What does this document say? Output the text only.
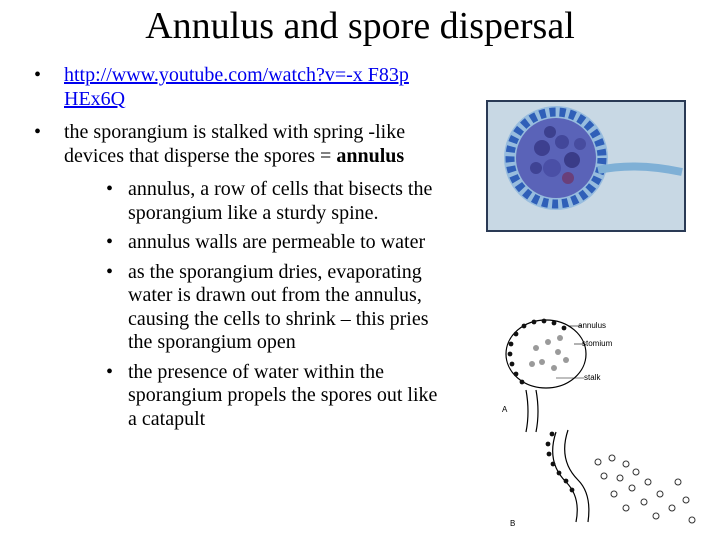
Annulus and spore dispersal
• http://www.youtube.com/watch?v=-x F83p HEx6Q
• the sporangium is stalked with spring -like devices that disperse the spores = annulus
• annulus, a row of cells that bisects the sporangium like a sturdy spine.
• annulus walls are permeable to water
• as the sporangium dries, evaporating water is drawn out from the annulus, causing the cells to shrink – this pries the sporangium open
• the presence of water within the sporangium propels the spores out like a catapult
annulus
stomium
stalk
A
B
